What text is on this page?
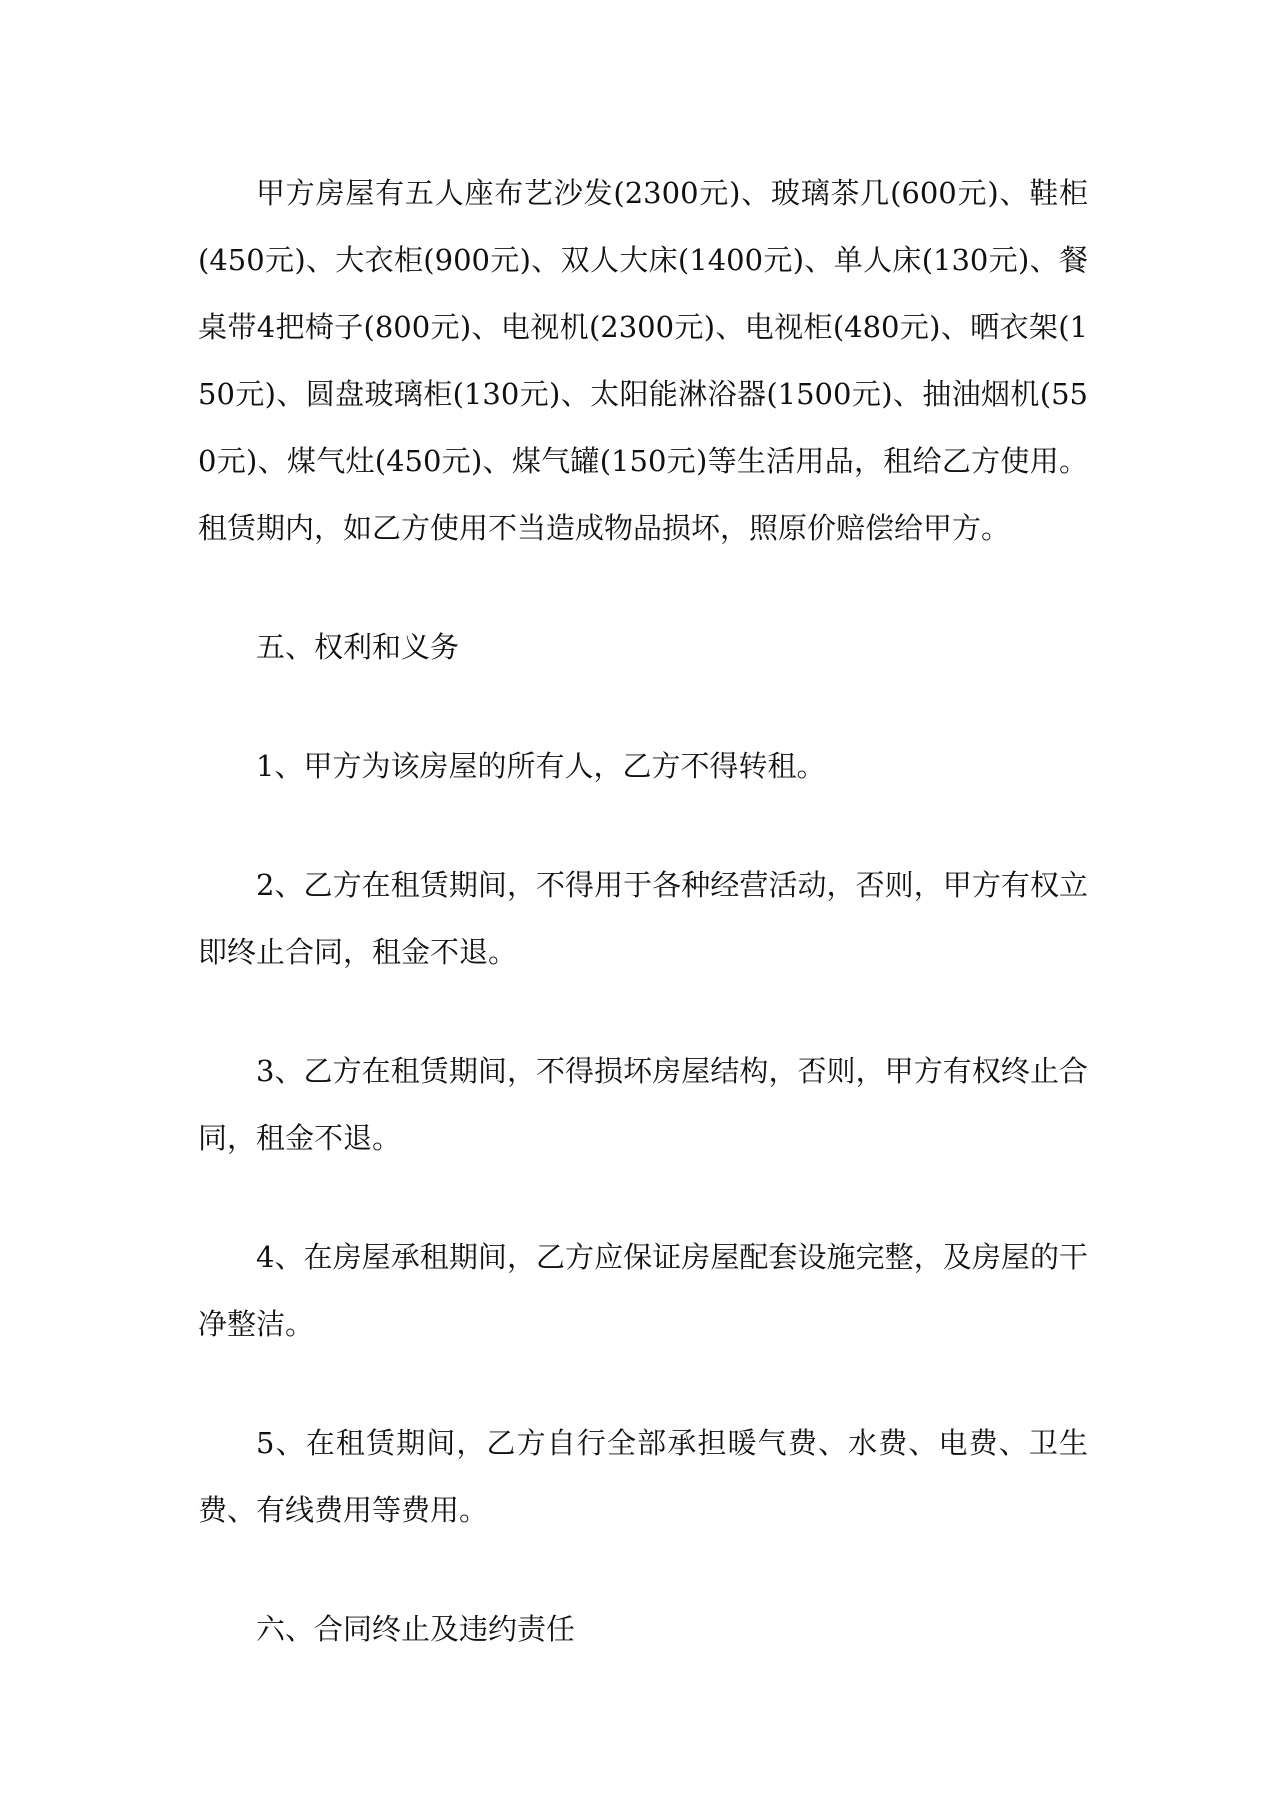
甲方房屋有五人座布艺沙发(2300元)、玻璃茶几(600元)、鞋柜(450元)、大衣柜(900元)、双人大床(1400元)、单人床(130元)、餐桌带4把椅子(800元)、电视机(2300元)、电视柜(480元)、晒衣架(150元)、圆盘玻璃柜(130元)、太阳能淋浴器(1500元)、抽油烟机(550元)、煤气灶(450元)、煤气罐(150元)等生活用品，租给乙方使用。租赁期内，如乙方使用不当造成物品损坏，照原价赔偿给甲方。

五、权利和义务

1、甲方为该房屋的所有人，乙方不得转租。

2、乙方在租赁期间，不得用于各种经营活动，否则，甲方有权立即终止合同，租金不退。

3、乙方在租赁期间，不得损坏房屋结构，否则，甲方有权终止合同，租金不退。

4、在房屋承租期间，乙方应保证房屋配套设施完整，及房屋的干净整洁。

5、在租赁期间，乙方自行全部承担暖气费、水费、电费、卫生费、有线费用等费用。

六、合同终止及违约责任
